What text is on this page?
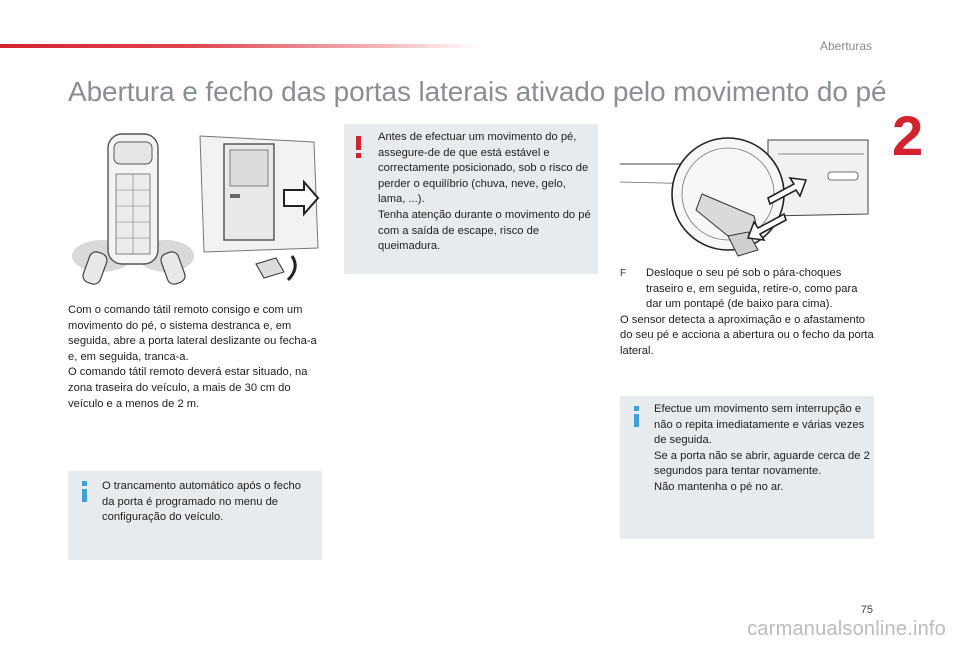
Aberturas
2
Abertura e fecho das portas laterais ativado pelo movimento do pé

Com o comando tátil remoto consigo e com um movimento do pé, o sistema destranca e, em seguida, abre a porta lateral deslizante ou fecha-a e, em seguida, tranca-a.

O comando tátil remoto deverá estar situado, na zona traseira do veículo, a mais de 30 cm do veículo e a menos de 2 m.

O trancamento automático após o fecho da porta é programado no menu de configuração do veículo.

Antes de efectuar um movimento do pé, assegure-de de que está estável e correctamente posicionado, sob o risco de perder o equilíbrio (chuva, neve, gelo, lama, ...).

Tenha atenção durante o movimento do pé com a saída de escape, risco de queimadura.

F Desloque o seu pé sob o pára-choques traseiro e, em seguida, retire-o, como para dar um pontapé (de baixo para cima).

O sensor detecta a aproximação e o afastamento do seu pé e acciona a abertura ou o fecho da porta lateral.

Efectue um movimento sem interrupção e não o repita imediatamente e várias vezes de seguida.

Se a porta não se abrir, aguarde cerca de 2 segundos para tentar novamente.

Não mantenha o pé no ar.

75
carmanualsonline.info
